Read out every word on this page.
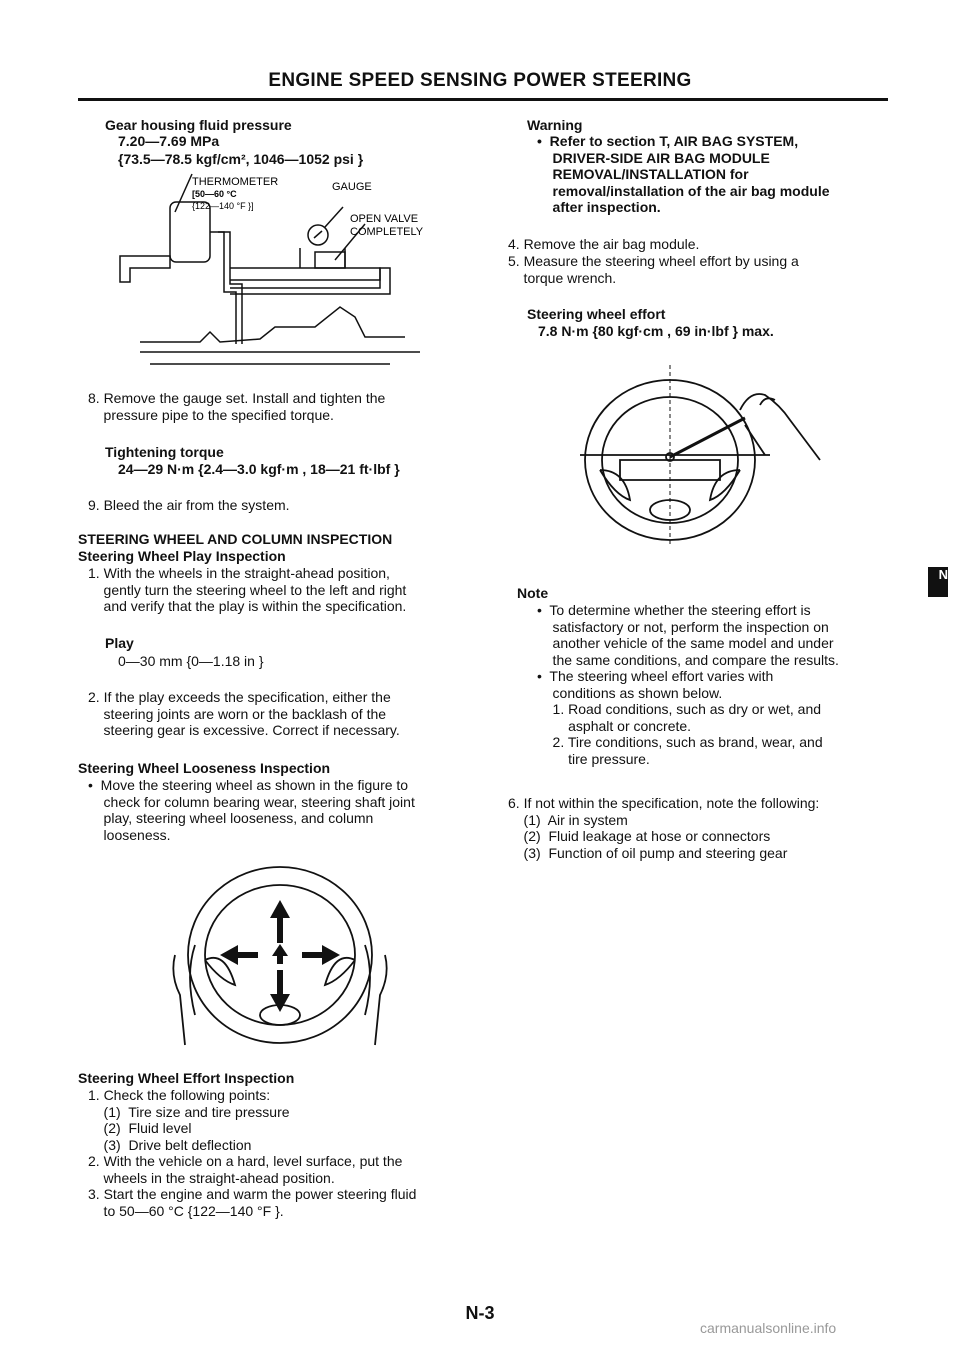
ENGINE SPEED SENSING POWER STEERING
Gear housing fluid pressure
7.20—7.69 MPa
{73.5—78.5 kgf/cm², 1046—1052 psi }
THERMOMETER
[50—60 °C
{122—140 °F }]
GAUGE
OPEN VALVE
COMPLETELY
8. Remove the gauge set. Install and tighten the
pressure pipe to the specified torque.
Tightening torque
24—29 N·m {2.4—3.0 kgf·m , 18—21 ft·lbf }
9. Bleed the air from the system.
STEERING WHEEL AND COLUMN INSPECTION
Steering Wheel Play Inspection
1. With the wheels in the straight-ahead position,
gently turn the steering wheel to the left and right
and verify that the play is within the specification.
Play
0—30 mm {0—1.18 in }
2. If the play exceeds the specification, either the
steering joints are worn or the backlash of the
steering gear is excessive. Correct if necessary.
Steering Wheel Looseness Inspection
•  Move the steering wheel as shown in the figure to
check for column bearing wear, steering shaft joint
play, steering wheel looseness, and column
looseness.
Steering Wheel Effort Inspection
1. Check the following points:
(1)  Tire size and tire pressure
(2)  Fluid level
(3)  Drive belt deflection
2. With the vehicle on a hard, level surface, put the
wheels in the straight-ahead position.
3. Start the engine and warm the power steering fluid
to 50—60 °C {122—140 °F }.
Warning
•  Refer to section T, AIR BAG SYSTEM,
DRIVER-SIDE AIR BAG MODULE
REMOVAL/INSTALLATION for
removal/installation of the air bag module
after inspection.
4. Remove the air bag module.
5. Measure the steering wheel effort by using a
torque wrench.
Steering wheel effort
7.8 N·m {80 kgf·cm , 69 in·lbf } max.
Note
•  To determine whether the steering effort is
satisfactory or not, perform the inspection on
another vehicle of the same model and under
the same conditions, and compare the results.
•  The steering wheel effort varies with
conditions as shown below.
1. Road conditions, such as dry or wet, and
asphalt or concrete.
2. Tire conditions, such as brand, wear, and
tire pressure.
6. If not within the specification, note the following:
(1)  Air in system
(2)  Fluid leakage at hose or connectors
(3)  Function of oil pump and steering gear
N
N-3
carmanualsonline.info
